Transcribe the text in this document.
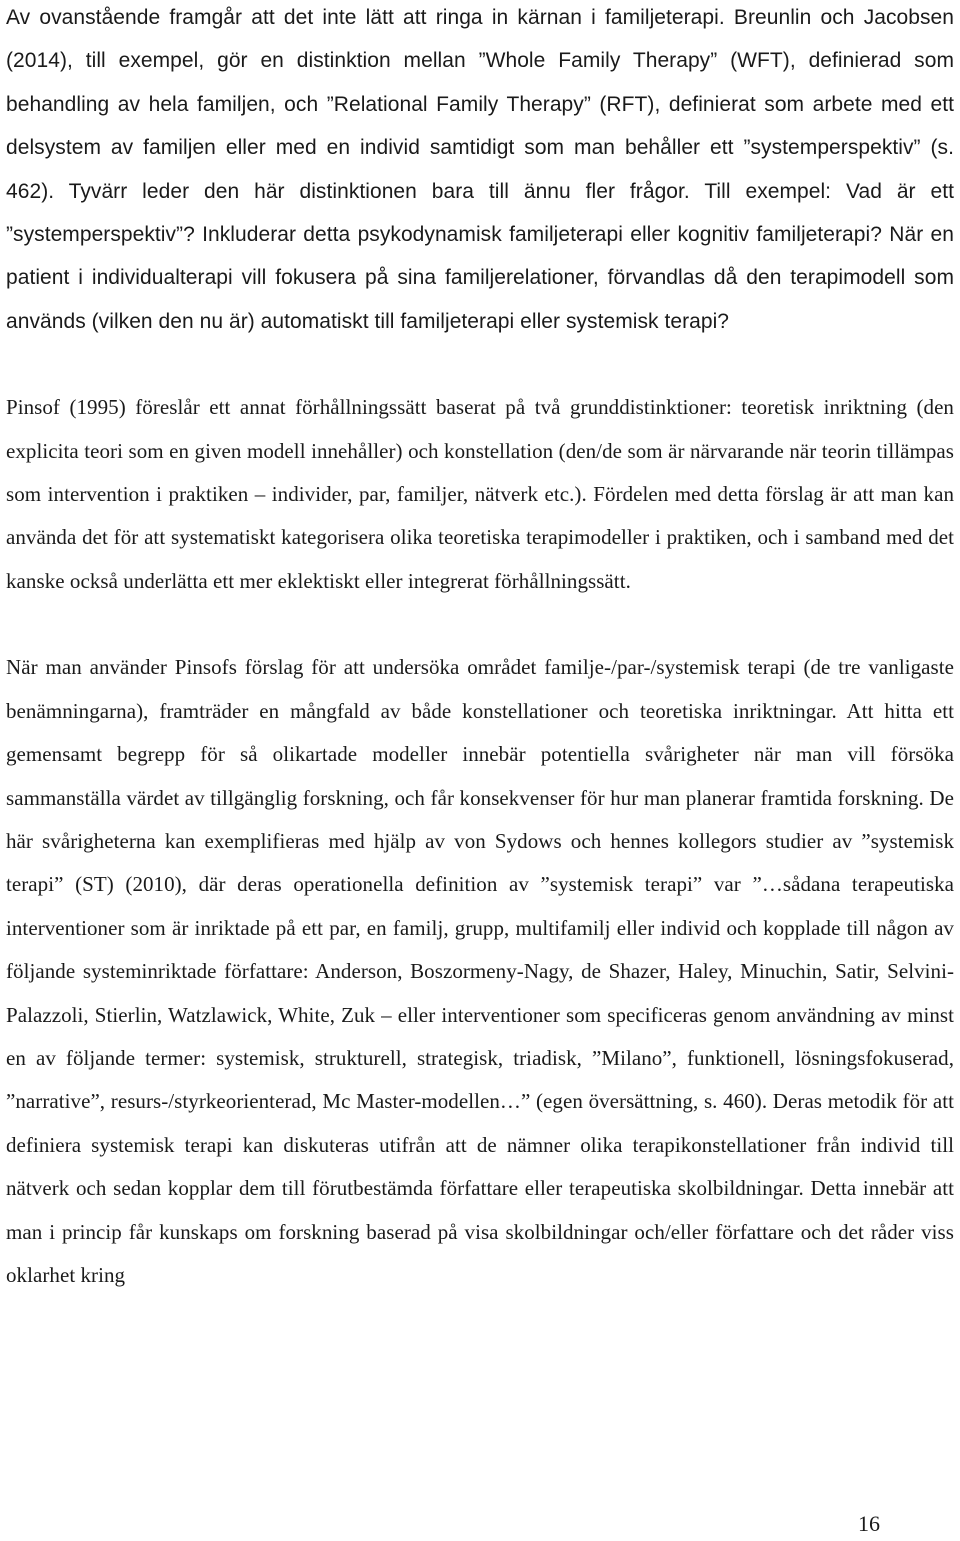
Av ovanstående framgår att det inte lätt att ringa in kärnan i familjeterapi. Breunlin och Jacobsen (2014), till exempel, gör en distinktion mellan ”Whole Family Therapy” (WFT), definierad som behandling av hela familjen, och ”Relational Family Therapy” (RFT), definierat som arbete med ett delsystem av familjen eller med en individ samtidigt som man behåller ett ”systemperspektiv” (s. 462). Tyvärr leder den här distinktionen bara till ännu fler frågor. Till exempel: Vad är ett ”systemperspektiv”? Inkluderar detta psykodynamisk familjeterapi eller kognitiv familjeterapi? När en patient i individualterapi vill fokusera på sina familjerelationer, förvandlas då den terapimodell som används (vilken den nu är) automatiskt till familjeterapi eller systemisk terapi?

Pinsof (1995) föreslår ett annat förhållningssätt baserat på två grunddistinktioner: teoretisk inriktning (den explicita teori som en given modell innehåller) och konstellation (den/de som är närvarande när teorin tillämpas som intervention i praktiken – individer, par, familjer, nätverk etc.). Fördelen med detta förslag är att man kan använda det för att systematiskt kategorisera olika teoretiska terapimodeller i praktiken, och i samband med det kanske också underlätta ett mer eklektiskt eller integrerat förhållningssätt.

När man använder Pinsofs förslag för att undersöka området familje-/par-/systemisk terapi (de tre vanligaste benämningarna), framträder en mångfald av både konstellationer och teoretiska inriktningar. Att hitta ett gemensamt begrepp för så olikartade modeller innebär potentiella svårigheter när man vill försöka sammanställa värdet av tillgänglig forskning, och får konsekvenser för hur man planerar framtida forskning. De här svårigheterna kan exemplifieras med hjälp av von Sydows och hennes kollegors studier av ”systemisk terapi” (ST) (2010), där deras operationella definition av ”systemisk terapi” var ”…sådana terapeutiska interventioner som är inriktade på ett par, en familj, grupp, multifamilj eller individ och kopplade till någon av följande systeminriktade författare: Anderson, Boszormeny-Nagy, de Shazer, Haley, Minuchin, Satir, Selvini-Palazzoli, Stierlin, Watzlawick, White, Zuk – eller interventioner som specificeras genom användning av minst en av följande termer: systemisk, strukturell, strategisk, triadisk, ”Milano”, funktionell, lösningsfokuserad, ”narrative”, resurs-/styrkeorienterad, Mc Master-modellen…” (egen översättning, s. 460). Deras metodik för att definiera systemisk terapi kan diskuteras utifrån att de nämner olika terapikonstellationer från individ till nätverk och sedan kopplar dem till förutbestämda författare eller terapeutiska skolbildningar. Detta innebär att man i princip får kunskaps om forskning baserad på visa skolbildningar och/eller författare och det råder viss oklarhet kring

16
